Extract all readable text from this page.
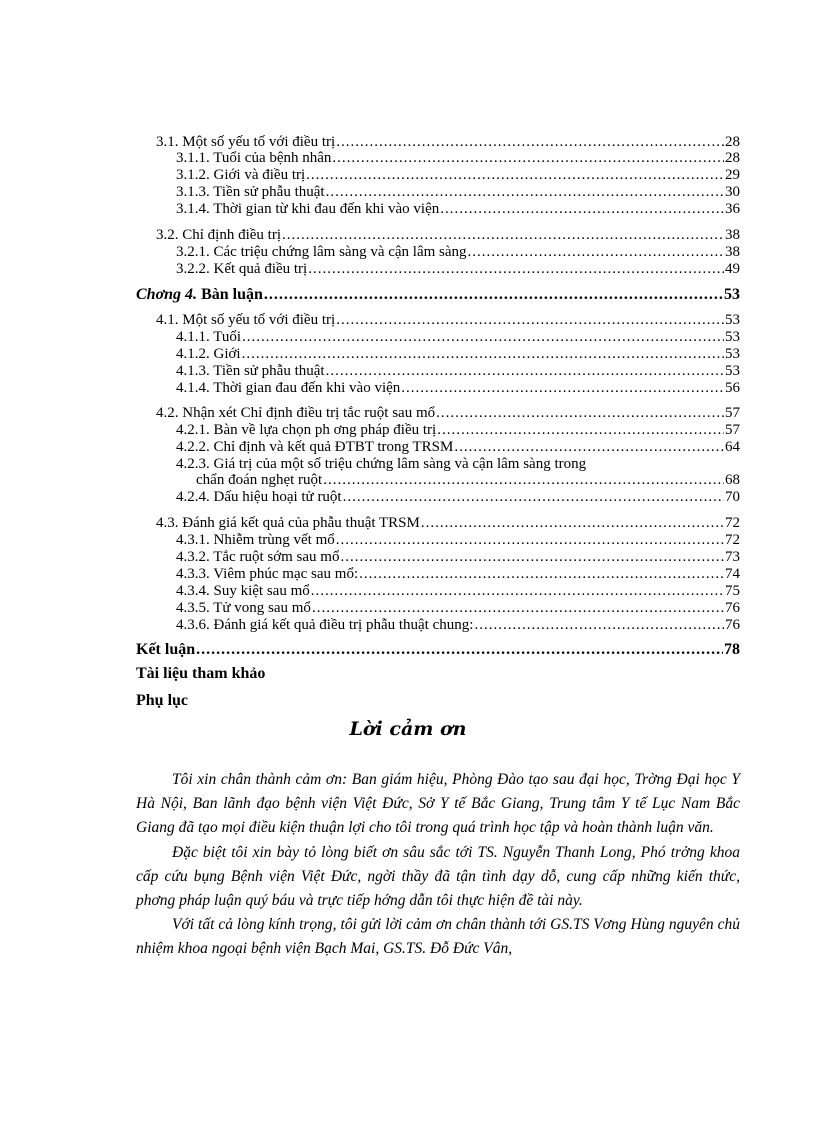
3.1. Một số yếu tố với điều trị .....	28
3.1.1. Tuổi của bệnh nhân .....	28
3.1.2. Giới và điều trị .....	29
3.1.3. Tiền sử phẫu thuật .....	30
3.1.4. Thời gian từ khi đau đến khi vào viện .....	36
3.2. Chỉ định điều trị .....	38
3.2.1. Các triệu chứng lâm sàng và cận lâm sàng .....	38
3.2.2. Kết quả điều trị .....	49
Chơng 4. Bàn luận .....	53
4.1. Một số yếu tố với điều trị .....	53
4.1.1. Tuổi .....	53
4.1.2. Giới .....	53
4.1.3. Tiền sử phẫu thuật .....	53
4.1.4. Thời gian đau đến khi vào viện .....	56
4.2. Nhận xét Chỉ định điều trị tắc ruột sau mổ .....	57
4.2.1. Bàn về lựa chọn ph ơng pháp điều trị .....	57
4.2.2. Chỉ định và kết quả ĐTBT trong TRSM .....	64
4.2.3. Giá trị của một số triệu chứng lâm sàng và cận lâm sàng trong
chẩn đoán nghẹt ruột .....	68
4.2.4. Dấu hiệu hoại tử ruột .....	70
4.3. Đánh giá kết quả của phẫu thuật TRSM .....	72
4.3.1. Nhiễm trùng vết mổ .....	72
4.3.2. Tắc ruột sớm sau mổ .....	73
4.3.3. Viêm phúc mạc sau mổ: .....	74
4.3.4. Suy kiệt sau mổ .....	75
4.3.5. Tử vong sau mổ .....	76
4.3.6. Đánh giá kết quả điều trị phẫu thuật chung: .....	76
Kết luận .....	78
Tài liệu tham khảo
Phụ lục
Lời cảm ơn

Tôi xin chân thành cảm ơn: Ban giám hiệu, Phòng Đào tạo sau đại học, Trờng Đại học Y Hà Nội, Ban lãnh đạo bệnh viện Việt Đức, Sở Y tế Bắc Giang, Trung tâm Y tế Lục Nam Bắc Giang đã tạo mọi điều kiện thuận lợi cho tôi trong quá trình học tập và hoàn thành luận văn.

Đặc biệt tôi xin bày tỏ lòng biết ơn sâu sắc tới TS. Nguyễn Thanh Long, Phó trởng khoa cấp cứu bụng Bệnh viện Việt Đức, ngời thầy đã tận tình dạy dỗ, cung cấp những kiến thức, phơng pháp luận quý báu và trực tiếp hớng dẫn tôi thực hiện đề tài này.

Với tất cả lòng kính trọng, tôi gửi lời cảm ơn chân thành tới GS.TS Vơng Hùng nguyên chủ nhiệm khoa ngoại bệnh viện Bạch Mai, GS.TS. Đỗ Đức Vân,
